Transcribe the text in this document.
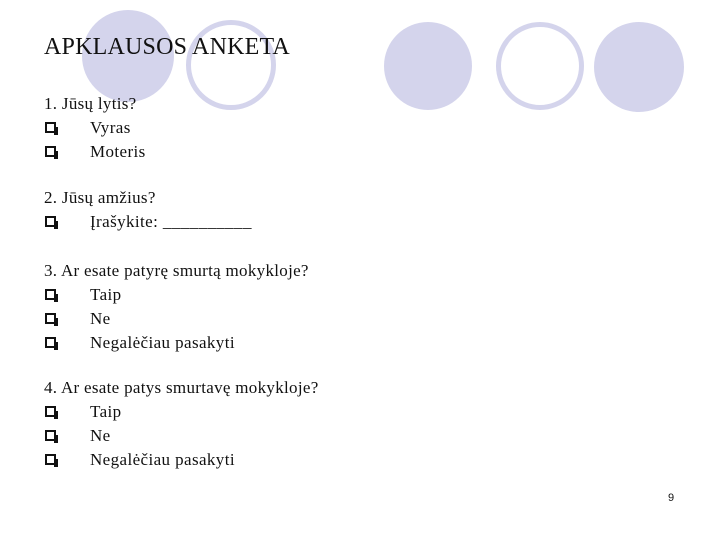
APKLAUSOS ANKETA
1. Jūsų lytis?
Vyras
Moteris
2. Jūsų amžius?
Įrašykite: __________
3. Ar esate patyrę smurtą mokykloje?
Taip
Ne
Negalėčiau pasakyti
4. Ar esate patys smurtavę mokykloje?
Taip
Ne
Negalėčiau pasakyti
9
